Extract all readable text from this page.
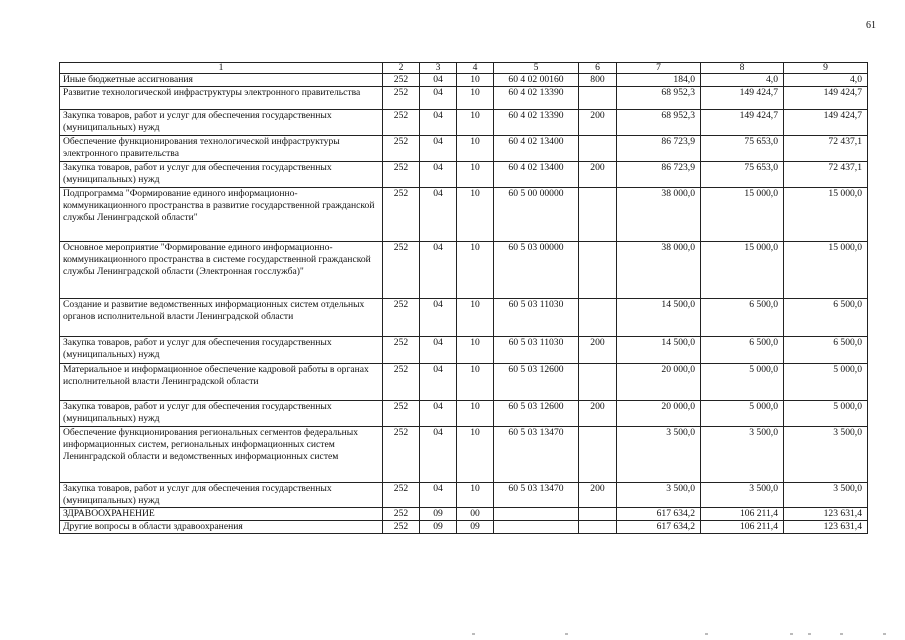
61
1	2	3	4	5	6	7	8	9
Иные бюджетные ассигнования	252	04	10	60 4 02 00160	800	184,0	4,0	4,0
Развитие технологической инфраструктуры электронного правительства	252	04	10	60 4 02 13390		68 952,3	149 424,7	149 424,7
Закупка товаров, работ и услуг для обеспечения государственных (муниципальных) нужд	252	04	10	60 4 02 13390	200	68 952,3	149 424,7	149 424,7
Обеспечение функционирования технологической инфраструктуры электронного правительства	252	04	10	60 4 02 13400		86 723,9	75 653,0	72 437,1
Закупка товаров, работ и услуг для обеспечения государственных (муниципальных) нужд	252	04	10	60 4 02 13400	200	86 723,9	75 653,0	72 437,1
Подпрограмма "Формирование единого информационно-коммуникационного пространства в развитие государственной гражданской службы Ленинградской области"	252	04	10	60 5 00 00000		38 000,0	15 000,0	15 000,0
Основное мероприятие "Формирование единого информационно-коммуникационного пространства в системе государственной гражданской службы Ленинградской области (Электронная госслужба)"	252	04	10	60 5 03 00000		38 000,0	15 000,0	15 000,0
Создание и развитие ведомственных информационных систем отдельных органов исполнительной власти Ленинградской области	252	04	10	60 5 03 11030		14 500,0	6 500,0	6 500,0
Закупка товаров, работ и услуг для обеспечения государственных (муниципальных) нужд	252	04	10	60 5 03 11030	200	14 500,0	6 500,0	6 500,0
Материальное и информационное обеспечение кадровой работы в органах исполнительной власти Ленинградской области	252	04	10	60 5 03 12600		20 000,0	5 000,0	5 000,0
Закупка товаров, работ и услуг для обеспечения государственных (муниципальных) нужд	252	04	10	60 5 03 12600	200	20 000,0	5 000,0	5 000,0
Обеспечение функционирования региональных сегментов федеральных информационных систем, региональных информационных систем Ленинградской области и ведомственных информационных систем	252	04	10	60 5 03 13470		3 500,0	3 500,0	3 500,0
Закупка товаров, работ и услуг для обеспечения государственных (муниципальных) нужд	252	04	10	60 5 03 13470	200	3 500,0	3 500,0	3 500,0
ЗДРАВООХРАНЕНИЕ	252	09	00			617 634,2	106 211,4	123 631,4
Другие вопросы в области здравоохранения	252	09	09			617 634,2	106 211,4	123 631,4
